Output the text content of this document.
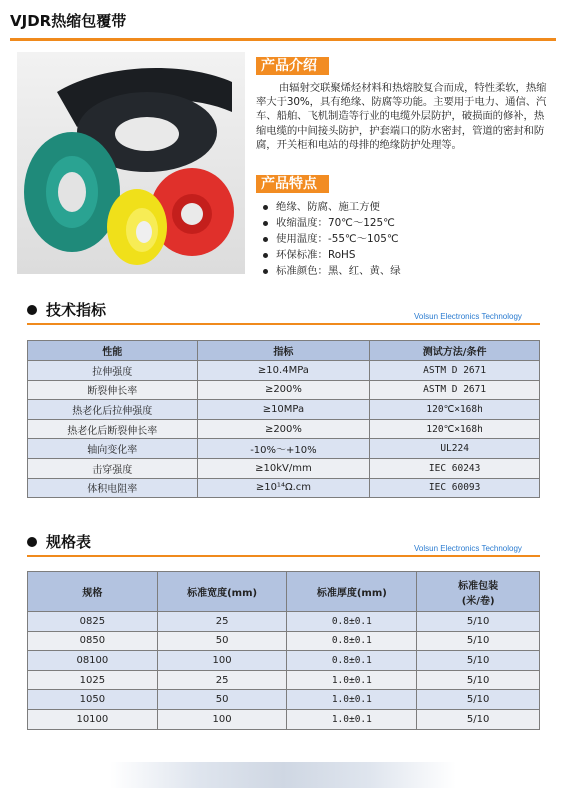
VJDR热缩包覆带
产品介绍
由辐射交联聚烯烃材料和热熔胶复合而成，特性柔软，热缩率大于30%，具有绝缘、防腐等功能。主要用于电力、通信、汽车、船舶、飞机制造等行业的电缆外层防护，破损面的修补，热缩电缆的中间接头防护，护套端口的防水密封，管道的密封和防腐，开关柜和电站的母排的绝缘防护处理等。
产品特点
绝缘、防腐、施工方便
收缩温度：70℃～125℃
使用温度：-55℃～105℃
环保标准：RoHS
标准颜色：黑、红、黄、绿
技术指标	Volsun Electronics Technology
性能	指标	测试方法/条件
拉伸强度	≥10.4MPa	ASTM D 2671
断裂伸长率	≥200%	ASTM D 2671
热老化后拉伸强度	≥10MPa	120℃×168h
热老化后断裂伸长率	≥200%	120℃×168h
轴向变化率	-10%～+10%	UL224
击穿强度	≥10kV/mm	IEC 60243
体积电阻率	≥10¹⁴Ω.cm	IEC 60093
规格表	Volsun Electronics Technology
规格	标准宽度(mm)	标准厚度(mm)	标准包装
(米/卷)

0825	25	0.8±0.1	5/10
0850	50	0.8±0.1	5/10
08100	100	0.8±0.1	5/10
1025	25	1.0±0.1	5/10
1050	50	1.0±0.1	5/10
10100	100	1.0±0.1	5/10
